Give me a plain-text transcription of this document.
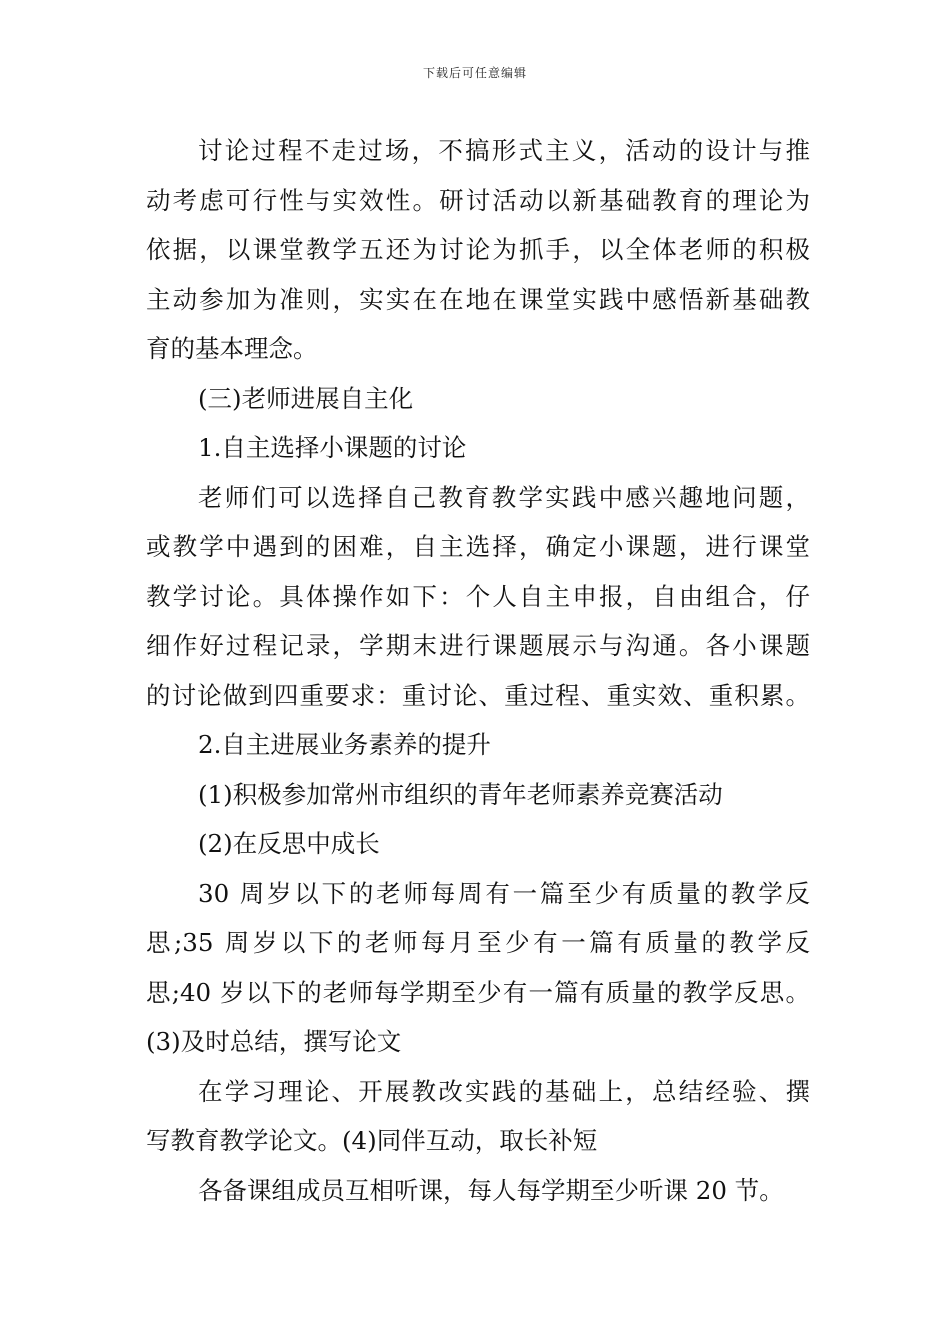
下载后可任意编辑
讨论过程不走过场，不搞形式主义，活动的设计与推
动考虑可行性与实效性。研讨活动以新基础教育的理论为
依据，以课堂教学五还为讨论为抓手，以全体老师的积极
主动参加为准则，实实在在地在课堂实践中感悟新基础教
育的基本理念。
(三)老师进展自主化
1.自主选择小课题的讨论
老师们可以选择自己教育教学实践中感兴趣地问题，
或教学中遇到的困难，自主选择，确定小课题，进行课堂
教学讨论。具体操作如下：个人自主申报，自由组合，仔
细作好过程记录，学期末进行课题展示与沟通。各小课题
的讨论做到四重要求：重讨论、重过程、重实效、重积累。
2.自主进展业务素养的提升
(1)积极参加常州市组织的青年老师素养竞赛活动
(2)在反思中成长
30 周岁以下的老师每周有一篇至少有质量的教学反
思;35 周岁以下的老师每月至少有一篇有质量的教学反
思;40 岁以下的老师每学期至少有一篇有质量的教学反思。
(3)及时总结，撰写论文
在学习理论、开展教改实践的基础上，总结经验、撰
写教育教学论文。(4)同伴互动，取长补短
各备课组成员互相听课，每人每学期至少听课 20 节。
